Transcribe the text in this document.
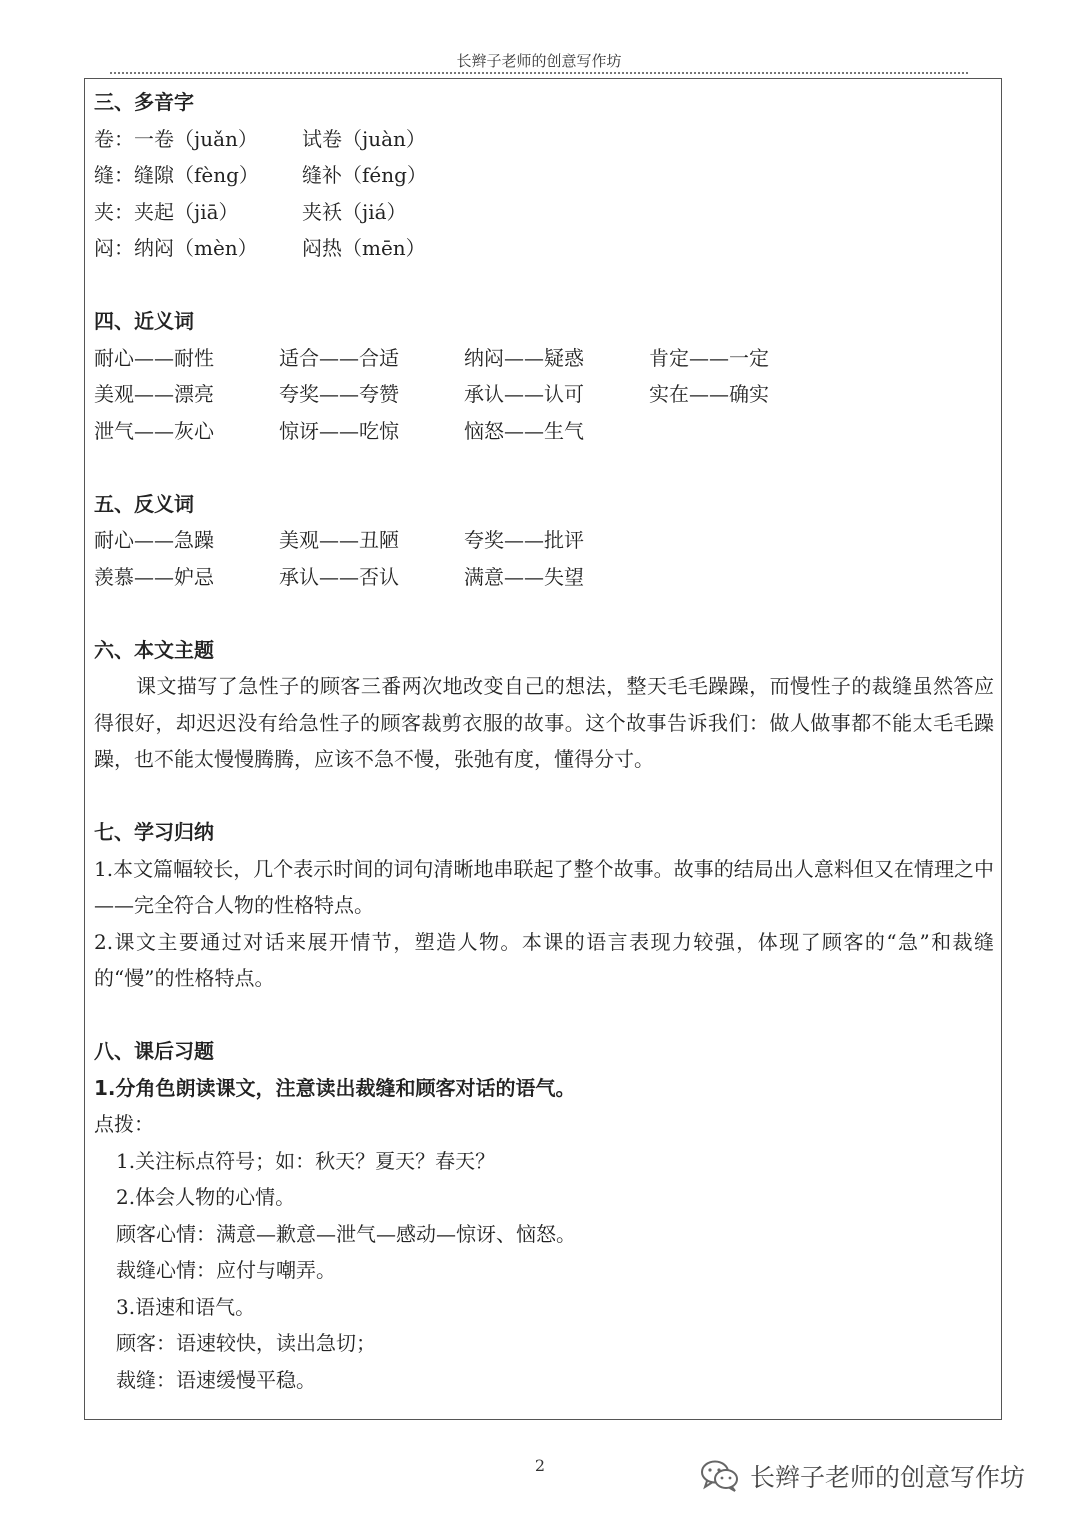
长辫子老师的创意写作坊
三、多音字
卷：一卷（juǎn）	试卷（juàn）
缝：缝隙（fèng）	缝补（féng）
夹：夹起（jiā）	夹袄（jiá）
闷：纳闷（mèn）	闷热（mēn）
四、近义词
耐心——耐性	适合——合适	纳闷——疑惑	肯定——一定
美观——漂亮	夸奖——夸赞	承认——认可	实在——确实
泄气——灰心	惊讶——吃惊	恼怒——生气
五、反义词
耐心——急躁	美观——丑陋	夸奖——批评
羡慕——妒忌	承认——否认	满意——失望
六、本文主题
课文描写了急性子的顾客三番两次地改变自己的想法，整天毛毛躁躁，而慢性子的裁缝虽然答应得很好，却迟迟没有给急性子的顾客裁剪衣服的故事。这个故事告诉我们：做人做事都不能太毛毛躁躁，也不能太慢慢腾腾，应该不急不慢，张弛有度，懂得分寸。
七、学习归纳
1.本文篇幅较长，几个表示时间的词句清晰地串联起了整个故事。故事的结局出人意料但又在情理之中——完全符合人物的性格特点。
2.课文主要通过对话来展开情节，塑造人物。本课的语言表现力较强，体现了顾客的“急”和裁缝的“慢”的性格特点。
八、课后习题
1.分角色朗读课文，注意读出裁缝和顾客对话的语气。
点拨：
1.关注标点符号；如：秋天？夏天？春天？
2.体会人物的心情。
顾客心情：满意—歉意—泄气—感动—惊讶、恼怒。
裁缝心情：应付与嘲弄。
3.语速和语气。
顾客：语速较快，读出急切；
裁缝：语速缓慢平稳。
2	长辫子老师的创意写作坊
